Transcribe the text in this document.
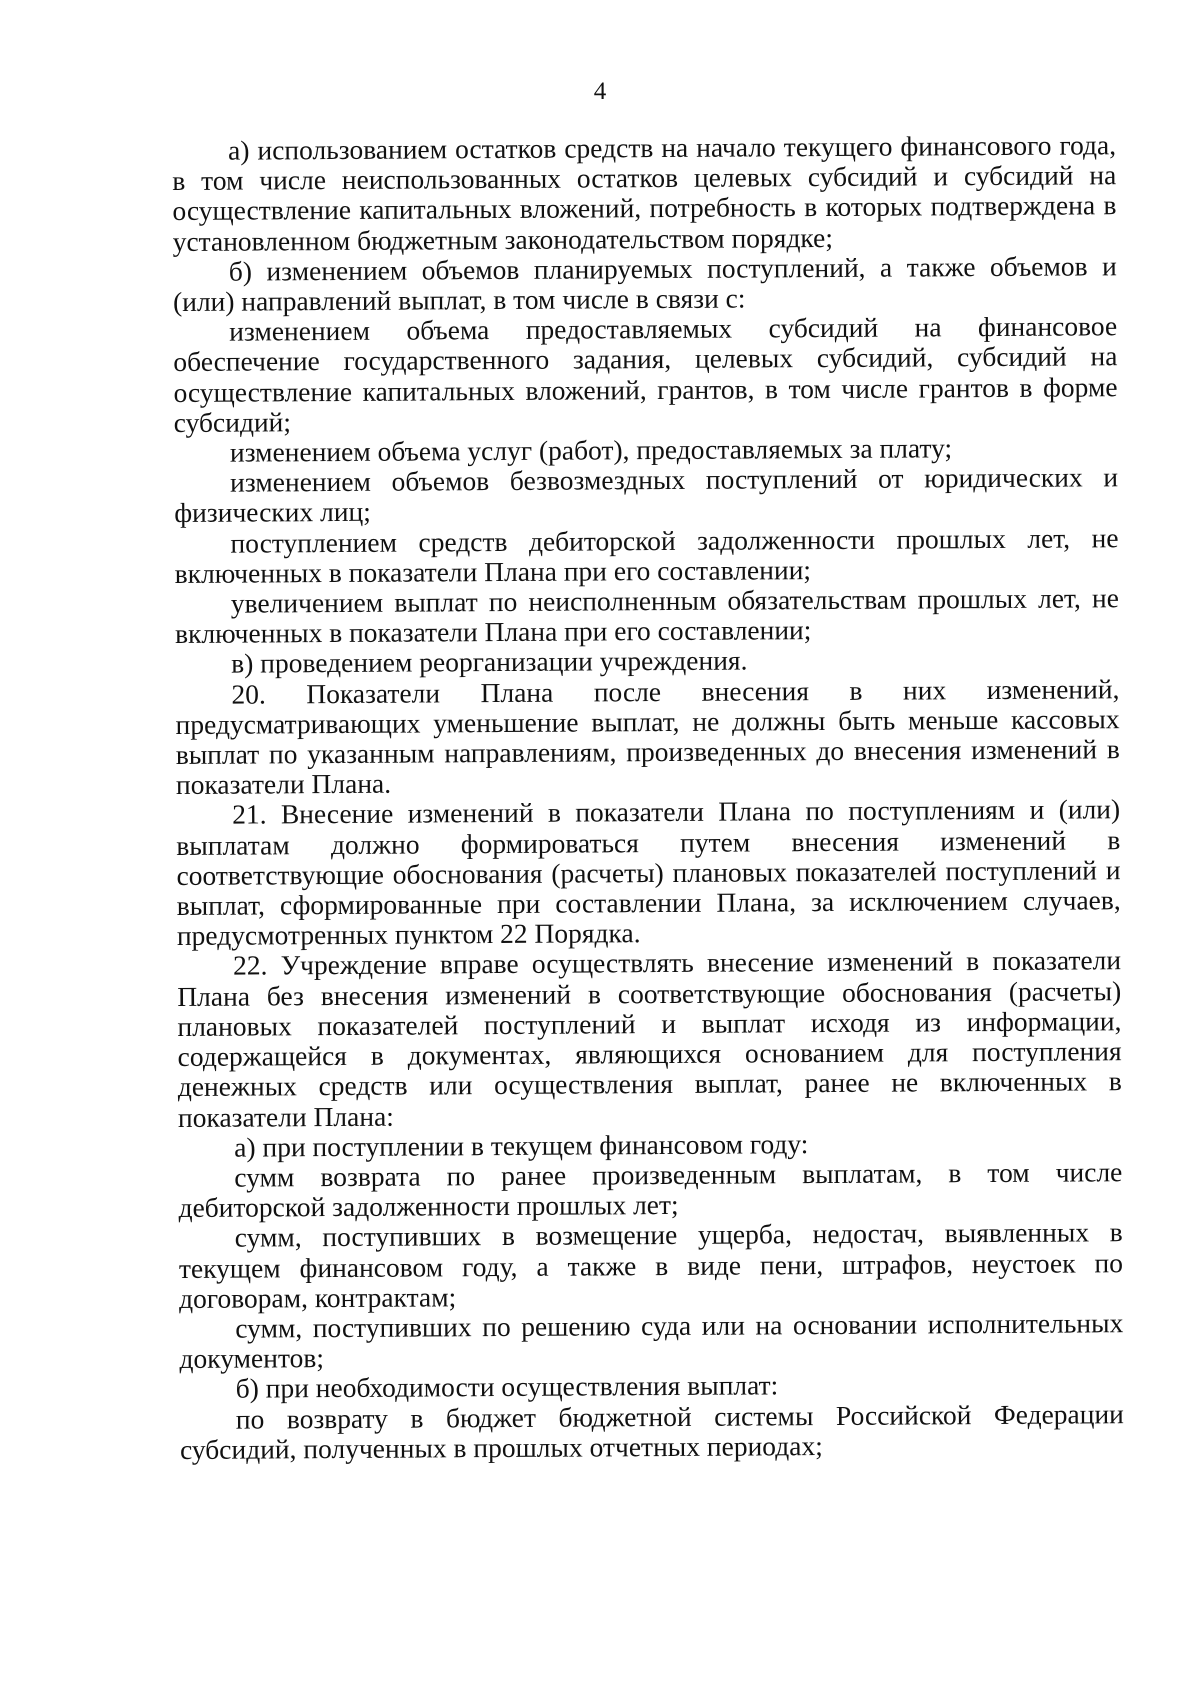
4

а) использованием остатков средств на начало текущего финансового года, в том числе неиспользованных остатков целевых субсидий и субсидий на осуществление капитальных вложений, потребность в которых подтверждена в установленном бюджетным законодательством порядке;

б) изменением объемов планируемых поступлений, а также объемов и (или) направлений выплат, в том числе в связи с:

изменением объема предоставляемых субсидий на финансовое обеспечение государственного задания, целевых субсидий, субсидий на осуществление капитальных вложений, грантов, в том числе грантов в форме субсидий;

изменением объема услуг (работ), предоставляемых за плату;

изменением объемов безвозмездных поступлений от юридических и физических лиц;

поступлением средств дебиторской задолженности прошлых лет, не включенных в показатели Плана при его составлении;

увеличением выплат по неисполненным обязательствам прошлых лет, не включенных в показатели Плана при его составлении;

в) проведением реорганизации учреждения.

20. Показатели Плана после внесения в них изменений, предусматривающих уменьшение выплат, не должны быть меньше кассовых выплат по указанным направлениям, произведенных до внесения изменений в показатели Плана.

21. Внесение изменений в показатели Плана по поступлениям и (или) выплатам должно формироваться путем внесения изменений в соответствующие обоснования (расчеты) плановых показателей поступлений и выплат, сформированные при составлении Плана, за исключением случаев, предусмотренных пунктом 22 Порядка.

22. Учреждение вправе осуществлять внесение изменений в показатели Плана без внесения изменений в соответствующие обоснования (расчеты) плановых показателей поступлений и выплат исходя из информации, содержащейся в документах, являющихся основанием для поступления денежных средств или осуществления выплат, ранее не включенных в показатели Плана:

а) при поступлении в текущем финансовом году:

сумм возврата по ранее произведенным выплатам, в том числе дебиторской задолженности прошлых лет;

сумм, поступивших в возмещение ущерба, недостач, выявленных в текущем финансовом году, а также в виде пени, штрафов, неустоек по договорам, контрактам;

сумм, поступивших по решению суда или на основании исполнительных документов;

б) при необходимости осуществления выплат:

по возврату в бюджет бюджетной системы Российской Федерации субсидий, полученных в прошлых отчетных периодах;
